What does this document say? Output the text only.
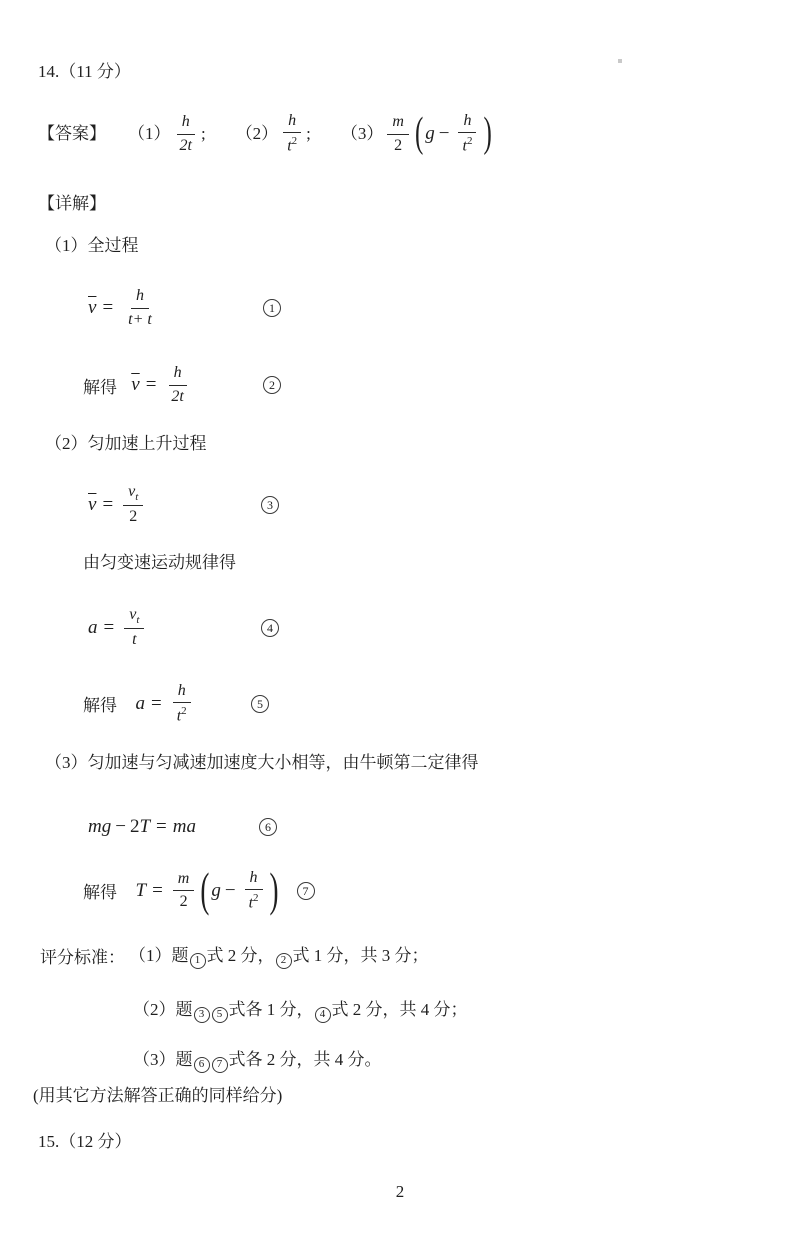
14.（11 分）
【答案】 $(1) \frac{h}{2t}$ ; $(2) \frac{h}{t^2}$ ; $(3) \frac{m}{2}$ ( $g - \frac{h}{t^2}$ )
【详解】
（1）全过程
$\overline{v} = \frac{h}{t+ t}$	1
解得 $\overline{v} = \frac{h}{2t}$	2
（2）匀加速上升过程
$\overline{v} = \frac{v_t}{2}$	3
由匀变速运动规律得
$a = \frac{v_t}{t}$	4
解得 $a = \frac{h}{t^2}$	5
（3）匀加速与匀减速加速度大小相等，由牛顿第二定律得
mg − 2 T = ma	6
解得 $T = \frac{m}{2}$ ( $g - \frac{h}{t^2}$ )	7
评分标准： （1）题 1 式 2 分， 2 式 1 分，共 3 分；
（2）题 3 5 式各 1 分， 4 式 2 分，共 4 分；
（3）题 6 7 式各 2 分，共 4 分。
(用其它方法解答正确的同样给分)
15.（12 分）
2
